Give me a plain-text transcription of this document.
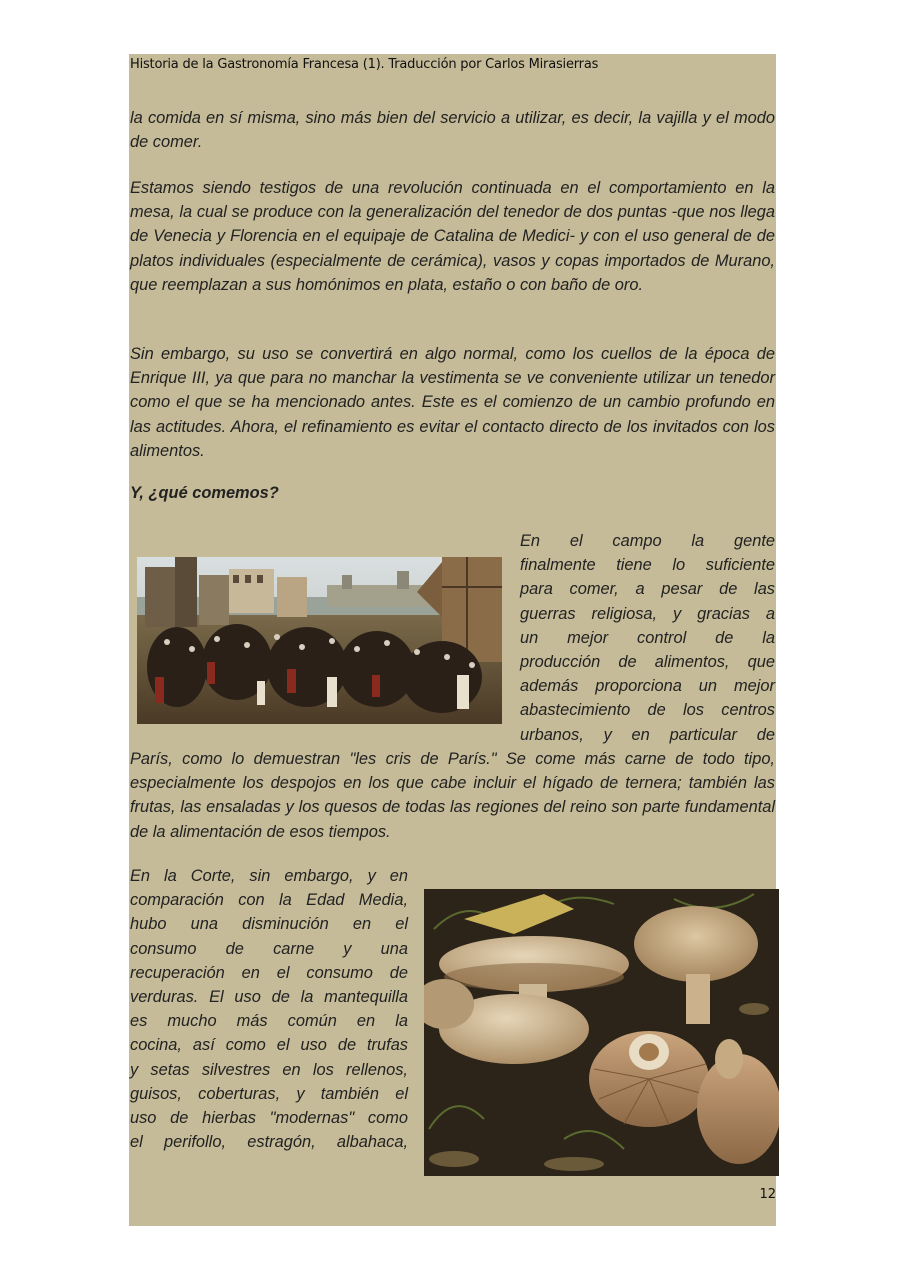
Historia de la Gastronomía Francesa (1). Traducción por Carlos Mirasierras

la comida en sí misma, sino más bien del servicio a utilizar, es decir, la vajilla y el modo de comer.

Estamos siendo testigos de una revolución continuada en el comportamiento en la mesa, la cual se produce con la generalización del tenedor de dos puntas -que nos llega de Venecia y Florencia en el equipaje de Catalina de Medici- y con el uso general de de platos individuales (especialmente de cerámica), vasos y copas importados de Murano, que reemplazan a sus homónimos en plata, estaño o con baño de oro.

Sin embargo, su uso se convertirá en algo normal, como los cuellos de la época de Enrique III, ya que para no manchar la vestimenta se ve conveniente utilizar un tenedor como el que se ha mencionado antes. Este es el comienzo de un cambio profundo en las actitudes. Ahora, el refinamiento es evitar el contacto directo de los invitados con los alimentos.

Y, ¿qué comemos?

En el campo la gente
finalmente tiene lo suficiente
para comer, a pesar de las
guerras religiosa, y gracias a
un mejor control de la
producción de alimentos, que
además proporciona un mejor
abastecimiento de los centros
urbanos, y en particular de

París, como lo demuestran "les cris de París." Se come más carne de todo tipo, especialmente los despojos en los que cabe incluir el hígado de ternera; también las frutas, las ensaladas y los quesos de todas las regiones del reino son parte fundamental de la alimentación de esos tiempos.

En la Corte, sin embargo, y en
comparación con la Edad Media,
hubo una disminución en el
consumo de carne y una
recuperación en el consumo de
verduras. El uso de la mantequilla
es mucho más común en la
cocina, así como el uso de trufas
y setas silvestres en los rellenos,
guisos, coberturas, y también el
uso de hierbas "modernas" como
el perifollo, estragón, albahaca,
12
